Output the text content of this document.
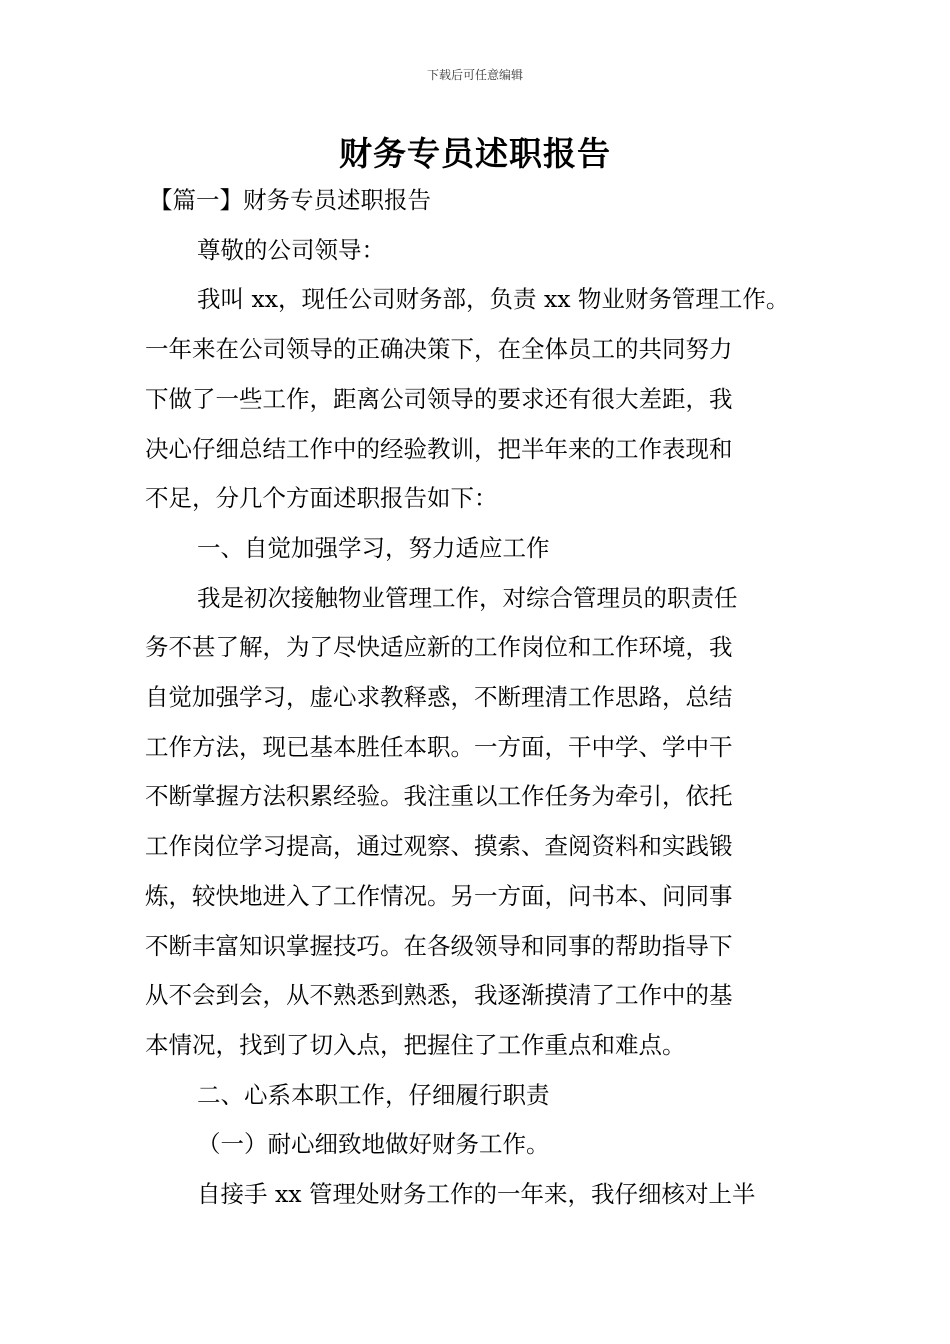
下载后可任意编辑
财务专员述职报告

【篇一】财务专员述职报告

尊敬的公司领导：

我叫 xx，现任公司财务部，负责 xx 物业财务管理工作。

一年来在公司领导的正确决策下，在全体员工的共同努力

下做了一些工作，距离公司领导的要求还有很大差距，我

决心仔细总结工作中的经验教训，把半年来的工作表现和

不足，分几个方面述职报告如下：

一、自觉加强学习，努力适应工作

我是初次接触物业管理工作，对综合管理员的职责任

务不甚了解，为了尽快适应新的工作岗位和工作环境，我

自觉加强学习，虚心求教释惑，不断理清工作思路，总结

工作方法，现已基本胜任本职。一方面，干中学、学中干

不断掌握方法积累经验。我注重以工作任务为牵引，依托

工作岗位学习提高，通过观察、摸索、查阅资料和实践锻

炼，较快地进入了工作情况。另一方面，问书本、问同事

不断丰富知识掌握技巧。在各级领导和同事的帮助指导下

从不会到会，从不熟悉到熟悉，我逐渐摸清了工作中的基

本情况，找到了切入点，把握住了工作重点和难点。

二、心系本职工作，仔细履行职责

（一）耐心细致地做好财务工作。

自接手 xx 管理处财务工作的一年来，我仔细核对上半
